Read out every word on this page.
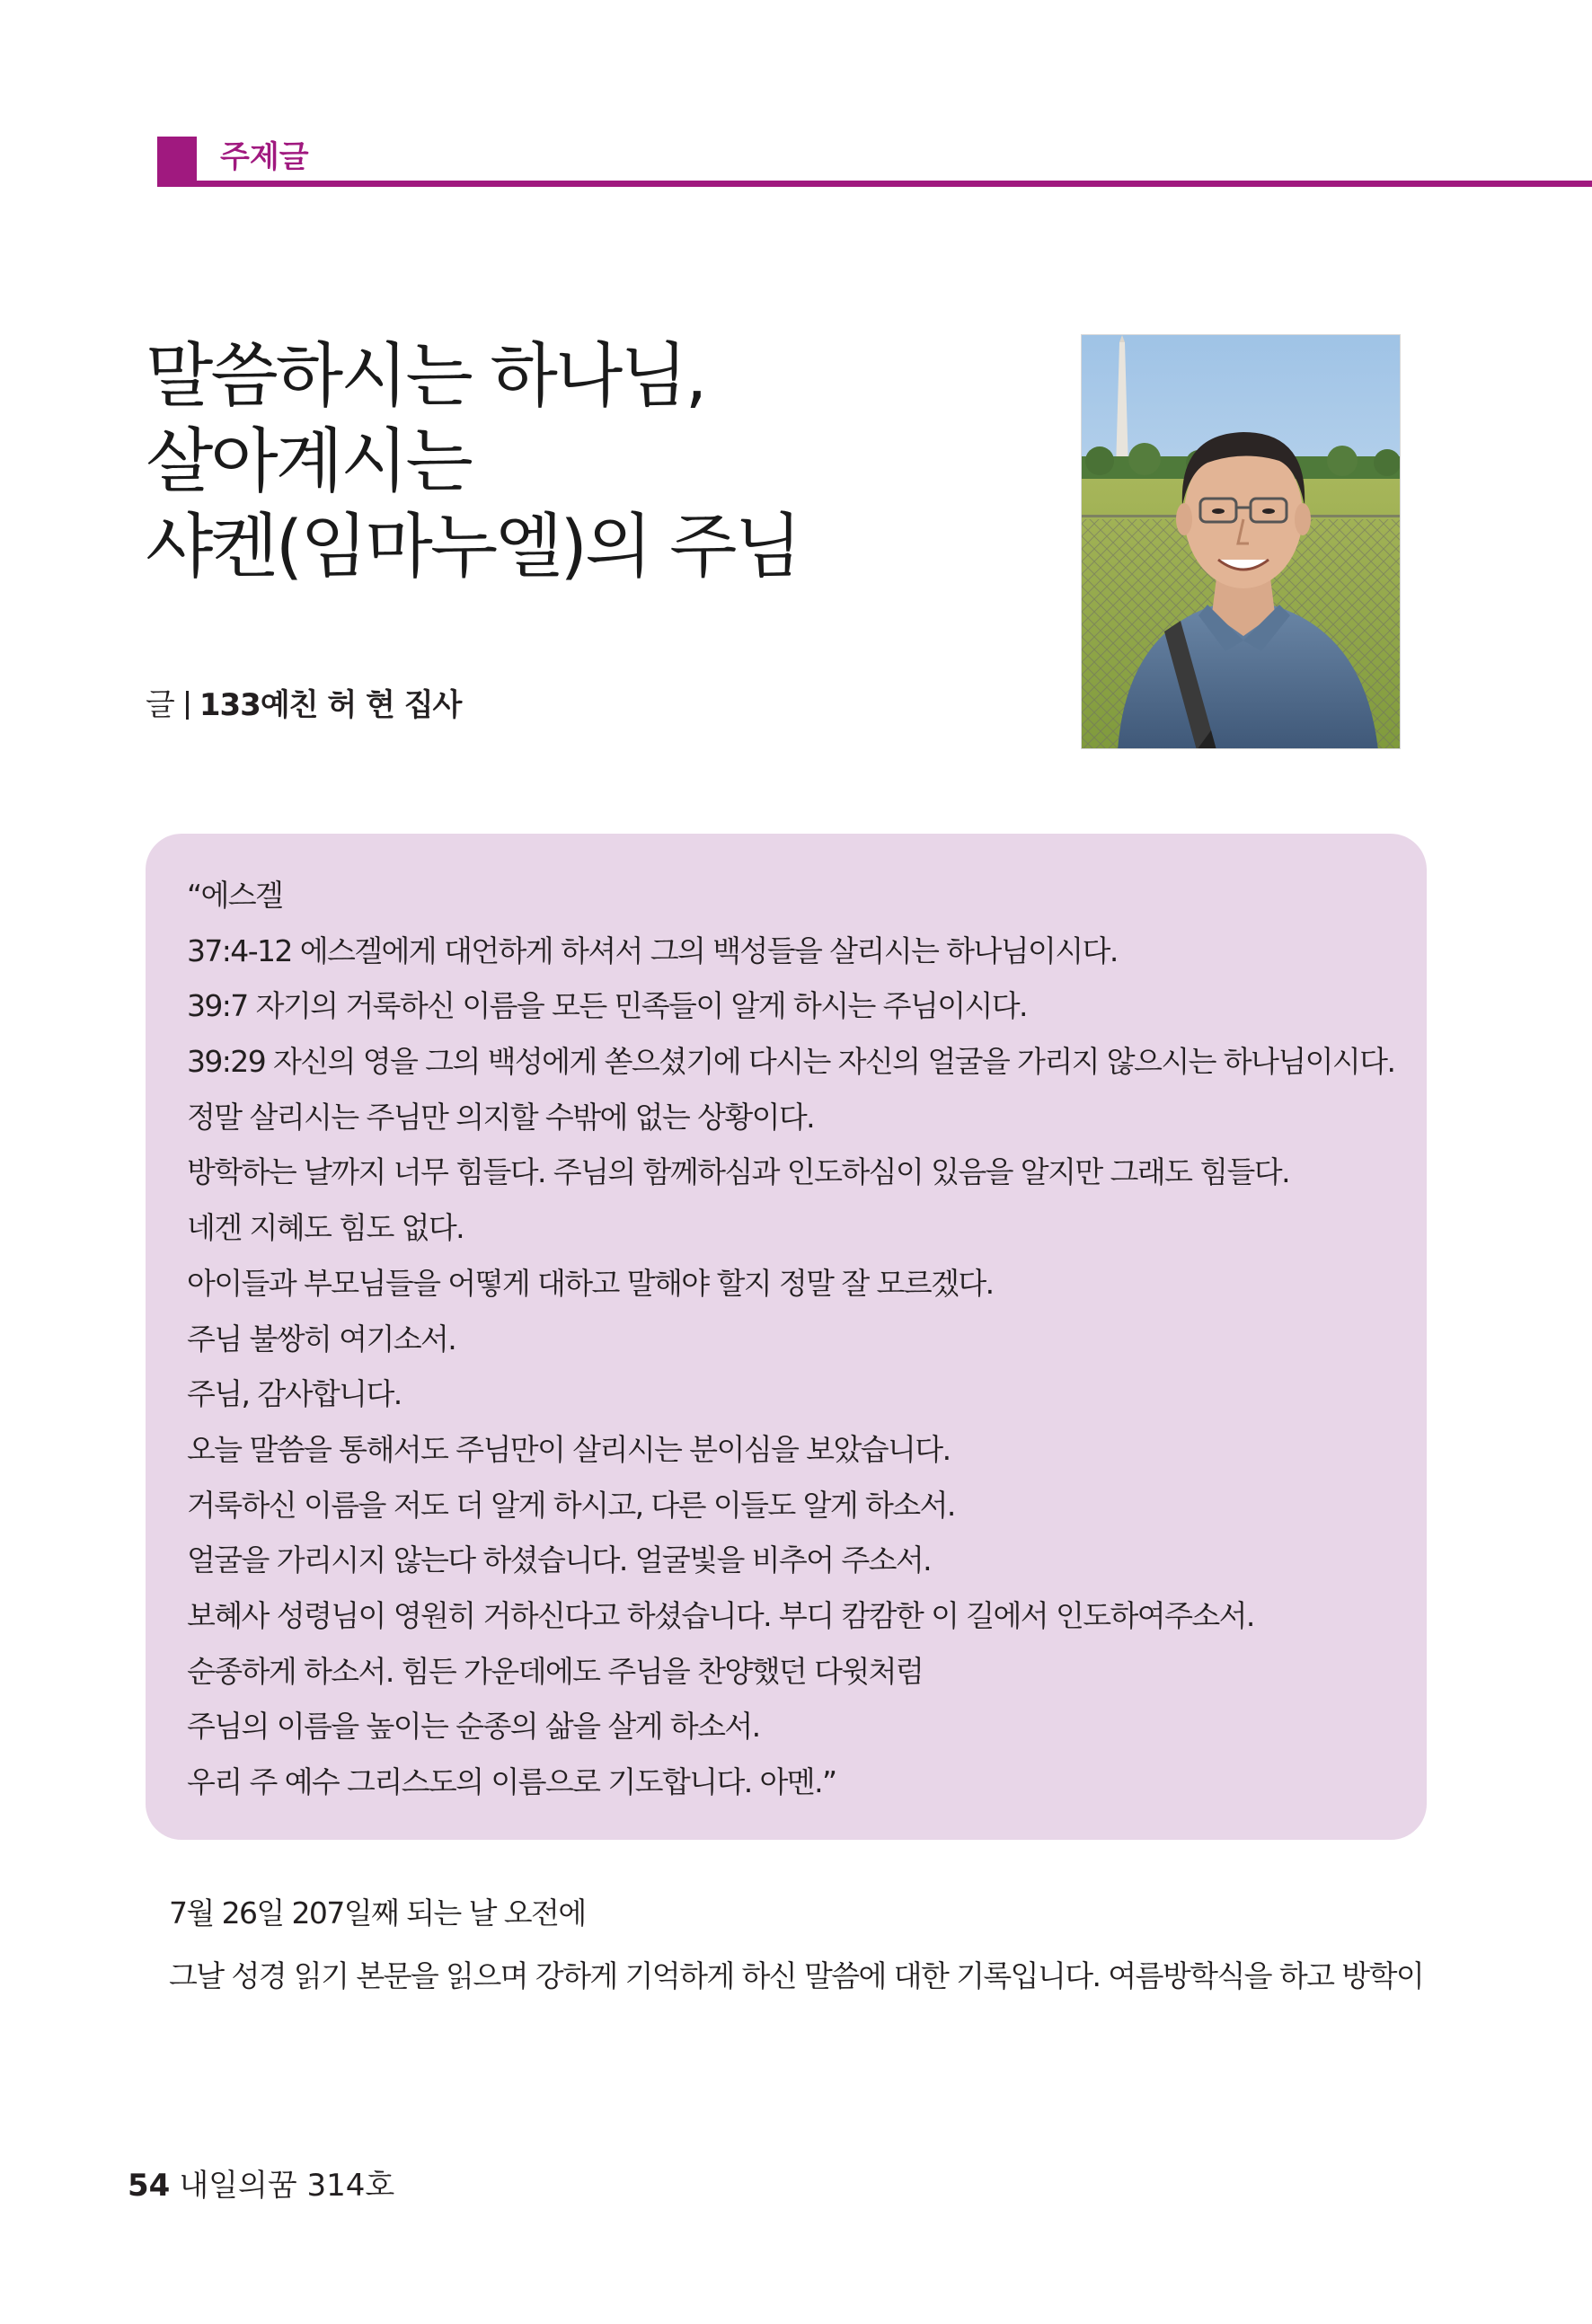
주제글
말씀하시는 하나님,
살아계시는
샤켄(임마누엘)의 주님
글 133예친 허 현 집사
“에스겔
37:4-12 에스겔에게 대언하게 하셔서 그의 백성들을 살리시는 하나님이시다.
39:7 자기의 거룩하신 이름을 모든 민족들이 알게 하시는 주님이시다.
39:29 자신의 영을 그의 백성에게 쏟으셨기에 다시는 자신의 얼굴을 가리지 않으시는 하나님이시다.
정말 살리시는 주님만 의지할 수밖에 없는 상황이다.
방학하는 날까지 너무 힘들다. 주님의 함께하심과 인도하심이 있음을 알지만 그래도 힘들다.
네겐 지혜도 힘도 없다.
아이들과 부모님들을 어떻게 대하고 말해야 할지 정말 잘 모르겠다.
주님 불쌍히 여기소서.
주님, 감사합니다.
오늘 말씀을 통해서도 주님만이 살리시는 분이심을 보았습니다.
거룩하신 이름을 저도 더 알게 하시고, 다른 이들도 알게 하소서.
얼굴을 가리시지 않는다 하셨습니다. 얼굴빛을 비추어 주소서.
보혜사 성령님이 영원히 거하신다고 하셨습니다. 부디 캄캄한 이 길에서 인도하여주소서.
순종하게 하소서. 힘든 가운데에도 주님을 찬양했던 다윗처럼
주님의 이름을 높이는 순종의 삶을 살게 하소서.
우리 주 예수 그리스도의 이름으로 기도합니다. 아멘.”

7월 26일 207일째 되는 날 오전에

그날 성경 읽기 본문을 읽으며 강하게 기억하게 하신 말씀에 대한 기록입니다. 여름방학식을 하고 방학이

54 내일의꿈 314호
